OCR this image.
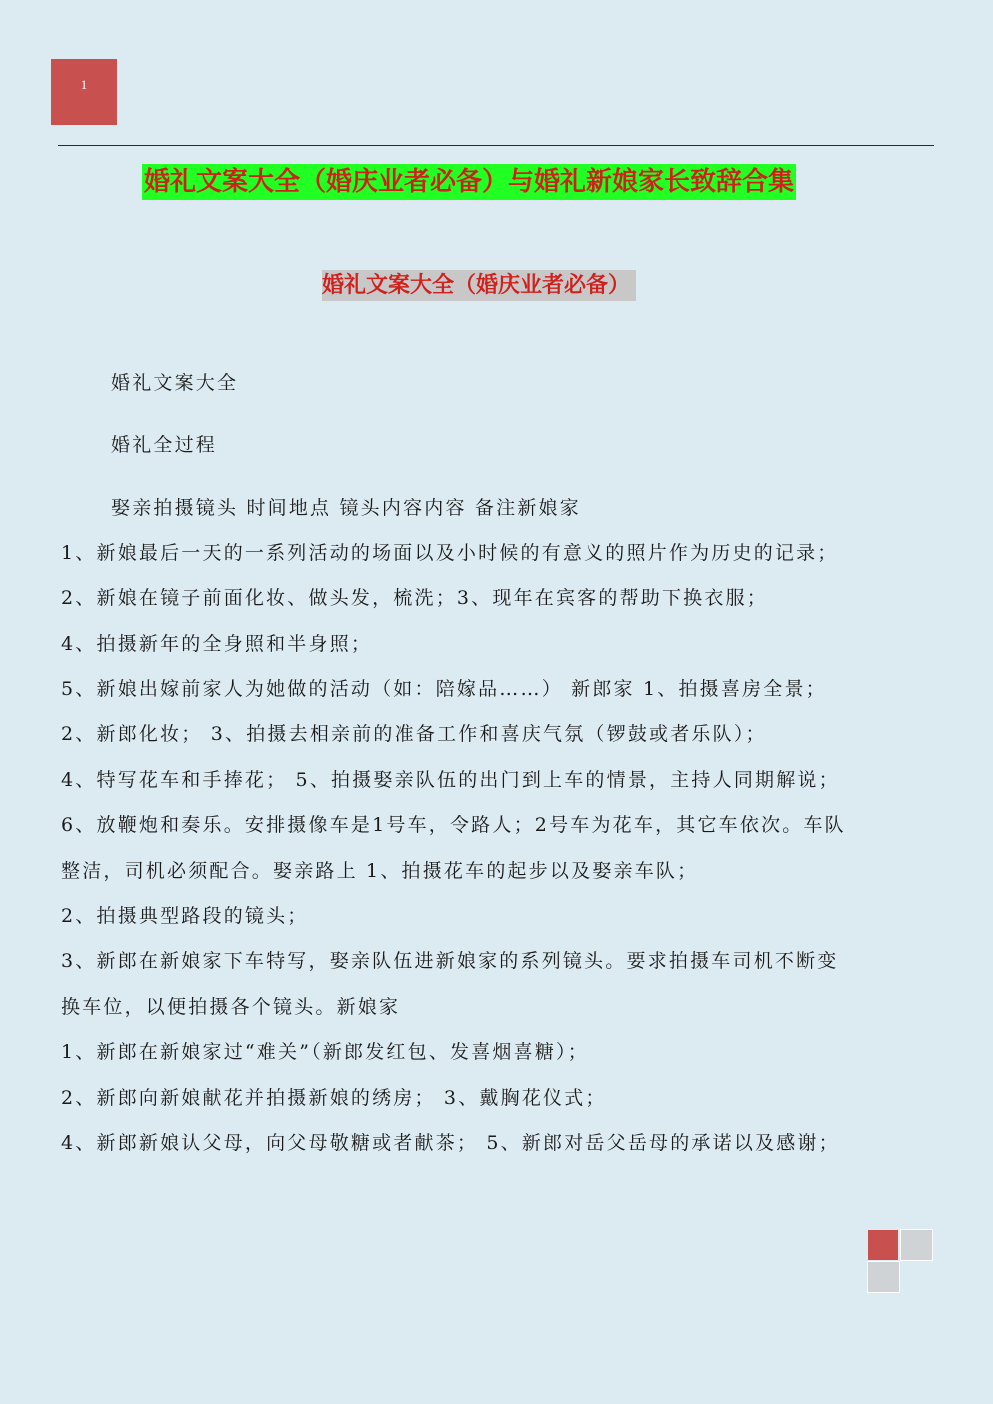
1
婚礼文案大全（婚庆业者必备）与婚礼新娘家长致辞合集
婚礼文案大全（婚庆业者必备）
婚礼文案大全
婚礼全过程
娶亲拍摄镜头 时间地点 镜头内容内容 备注新娘家
1、新娘最后一天的一系列活动的场面以及小时候的有意义的照片作为历史的记录；
2、新娘在镜子前面化妆、做头发，梳洗；3、现年在宾客的帮助下换衣服；
4、拍摄新年的全身照和半身照；
5、新娘出嫁前家人为她做的活动（如：陪嫁品……） 新郎家 1、拍摄喜房全景；
2、新郎化妆； 3、拍摄去相亲前的准备工作和喜庆气氛（锣鼓或者乐队）；
4、特写花车和手捧花； 5、拍摄娶亲队伍的出门到上车的情景，主持人同期解说；
6、放鞭炮和奏乐。安排摄像车是1号车，令路人；2号车为花车，其它车依次。车队
整洁，司机必须配合。娶亲路上 1、拍摄花车的起步以及娶亲车队；
2、拍摄典型路段的镜头；
3、新郎在新娘家下车特写，娶亲队伍进新娘家的系列镜头。要求拍摄车司机不断变
换车位，以便拍摄各个镜头。新娘家
1、新郎在新娘家过“难关”（新郎发红包、发喜烟喜糖）；
2、新郎向新娘献花并拍摄新娘的绣房； 3、戴胸花仪式；
4、新郎新娘认父母，向父母敬糖或者献茶； 5、新郎对岳父岳母的承诺以及感谢；
